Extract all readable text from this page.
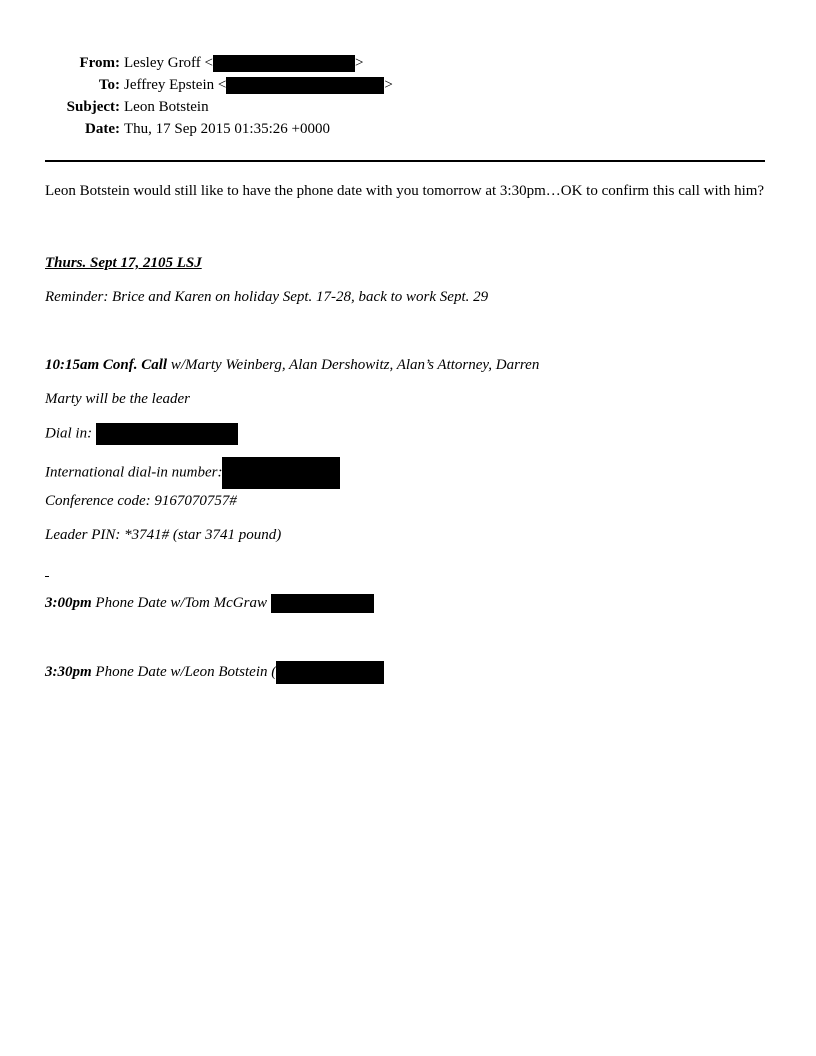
From: Lesley Groff <	>
To: Jeffrey Epstein <	>
Subject: Leon Botstein
Date: Thu, 17 Sep 2015 01:35:26 +0000
Leon Botstein would still like to have the phone date with you tomorrow at 3:30pm…OK to confirm this call with him?
Thurs. Sept 17, 2105 LSJ
Reminder: Brice and Karen on holiday Sept. 17-28, back to work Sept. 29
10:15am Conf. Call w/Marty Weinberg, Alan Dershowitz, Alan’s Attorney, Darren
Marty will be the leader
Dial in:
International dial-in number:
Conference code: 9167070757#
Leader PIN: *3741# (star 3741 pound)
3:00pm Phone Date w/Tom McGraw
3:30pm Phone Date w/Leon Botstein (
